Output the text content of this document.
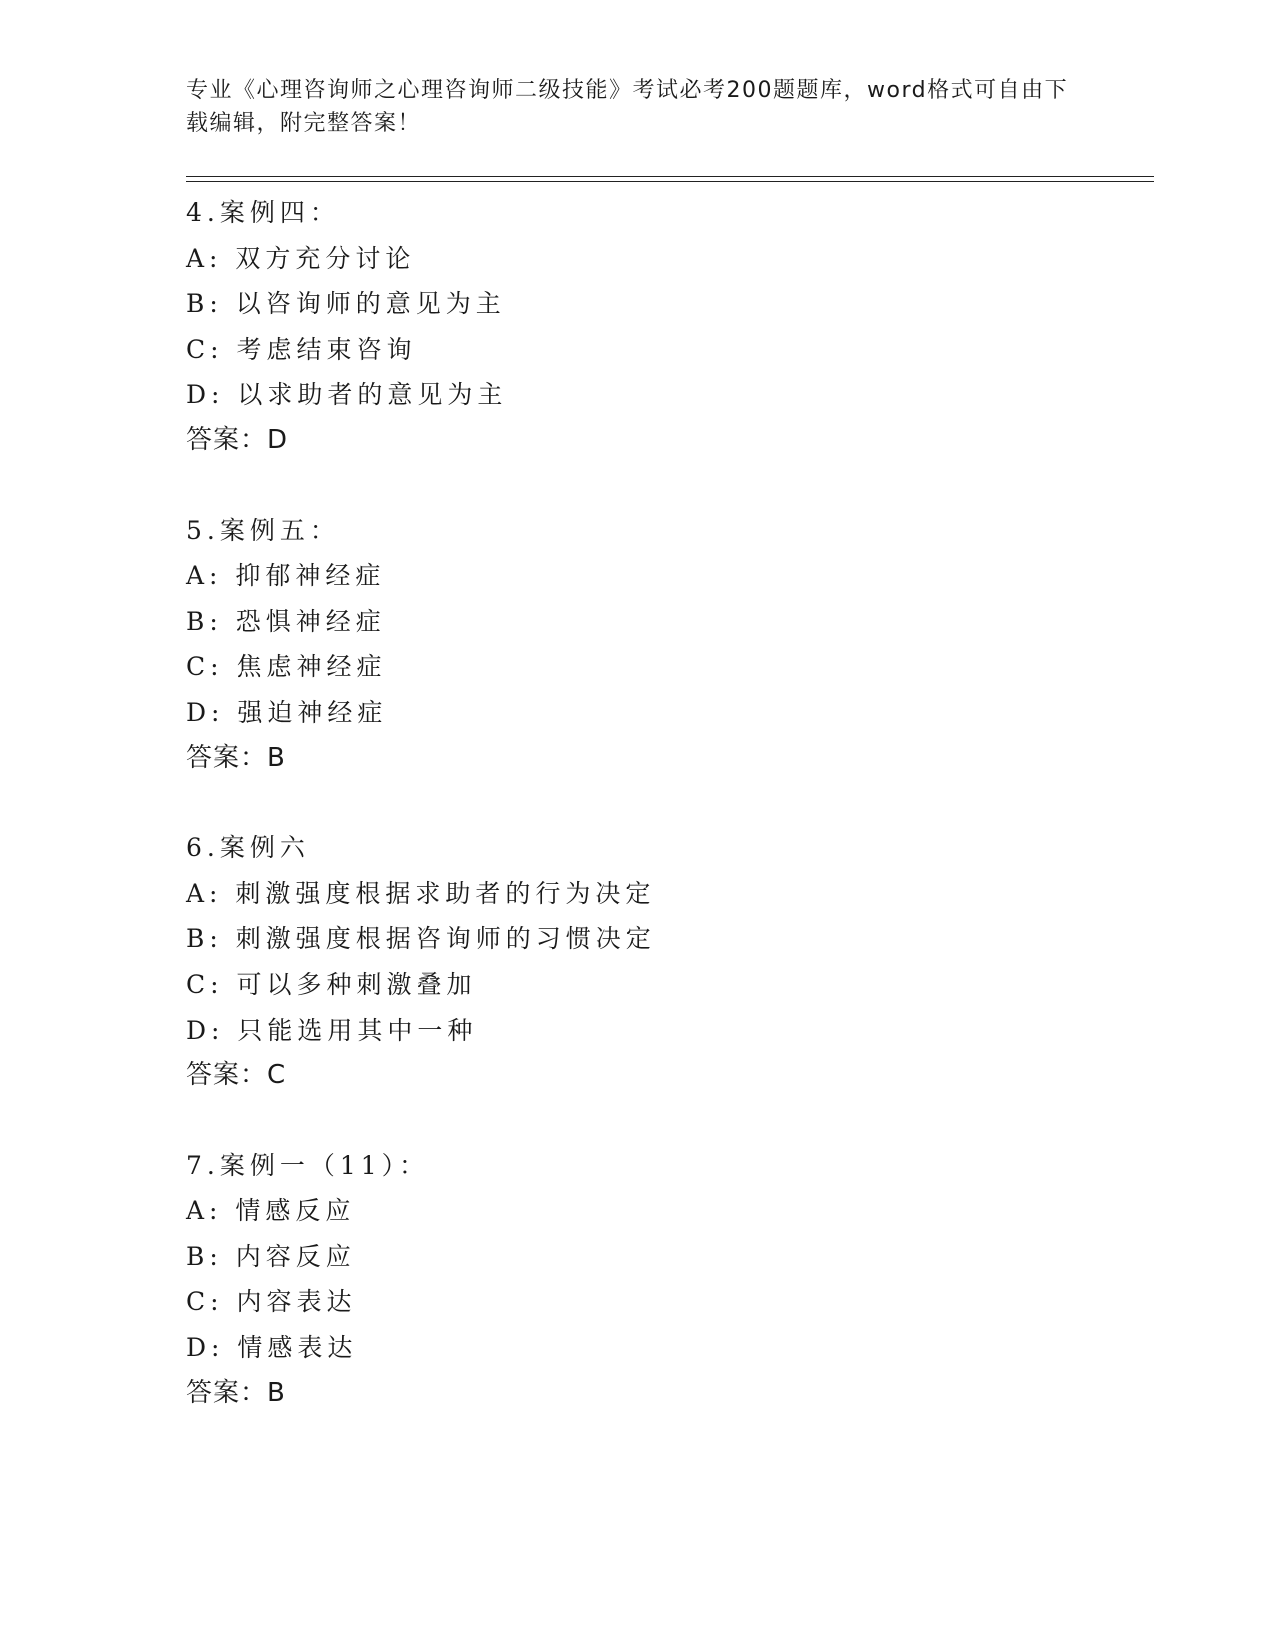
专业《心理咨询师之心理咨询师二级技能》考试必考200题题库，word格式可自由下载编辑，附完整答案！
4.案例四：
A: 双方充分讨论
B: 以咨询师的意见为主
C: 考虑结束咨询
D: 以求助者的意见为主
答案：D
5.案例五：
A: 抑郁神经症
B: 恐惧神经症
C: 焦虑神经症
D: 强迫神经症
答案：B
6.案例六
A: 刺激强度根据求助者的行为决定
B: 刺激强度根据咨询师的习惯决定
C: 可以多种刺激叠加
D: 只能选用其中一种
答案：C
7.案例一（11）：
A: 情感反应
B: 内容反应
C: 内容表达
D: 情感表达
答案：B
